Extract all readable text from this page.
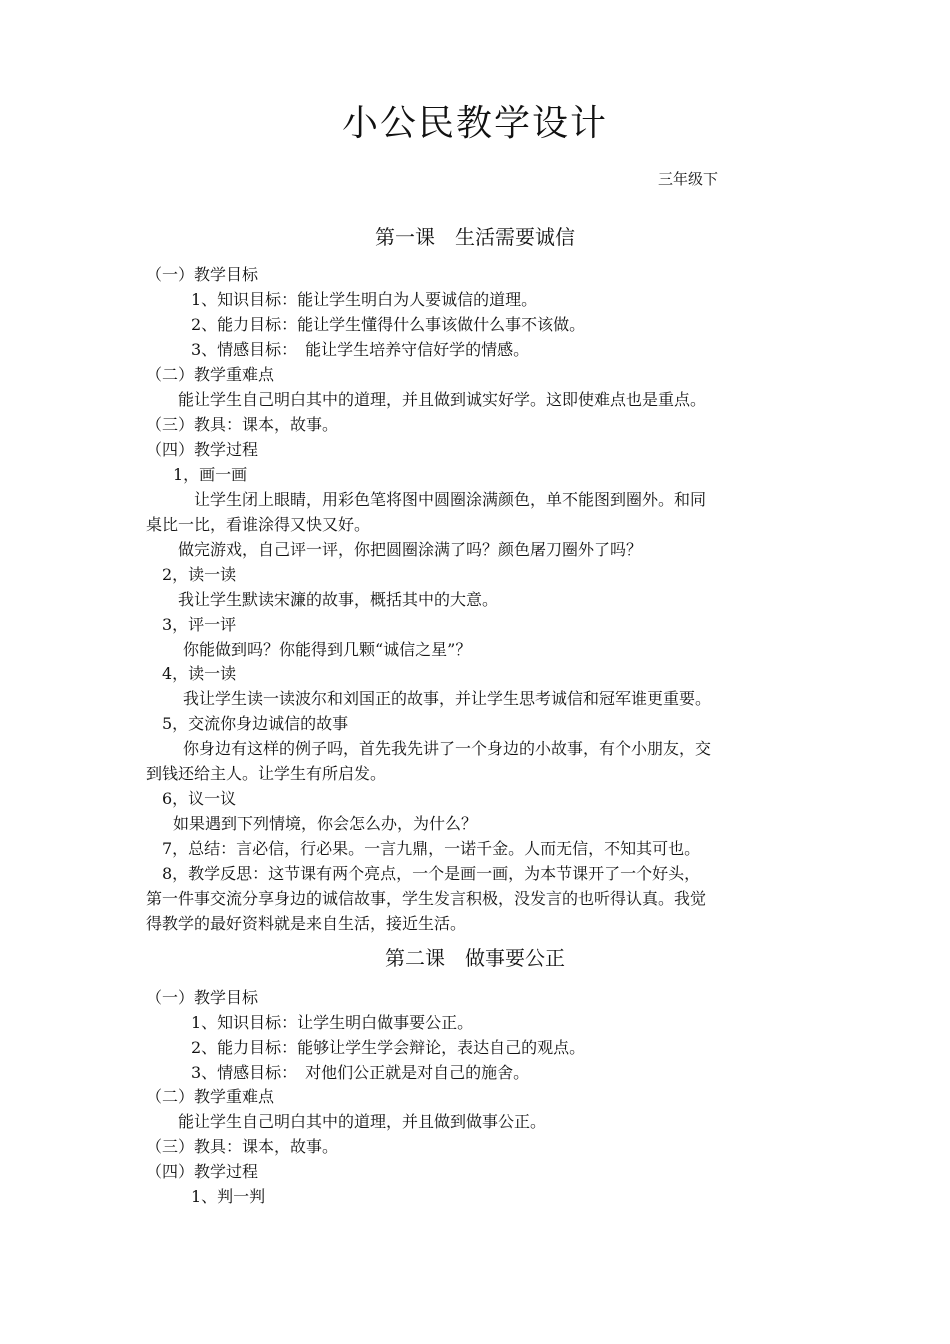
小公民教学设计
三年级下
第一课　生活需要诚信
（一）教学目标
1、知识目标：能让学生明白为人要诚信的道理。
2、能力目标：能让学生懂得什么事该做什么事不该做。
3、情感目标：　能让学生培养守信好学的情感。
（二）教学重难点
能让学生自己明白其中的道理，并且做到诚实好学。这即使难点也是重点。
（三）教具：课本，故事。
（四）教学过程
1，画一画
让学生闭上眼睛，用彩色笔将图中圆圈涂满颜色，单不能图到圈外。和同
桌比一比，看谁涂得又快又好。
做完游戏，自己评一评，你把圆圈涂满了吗？颜色屠刀圈外了吗？
2，读一读
我让学生默读宋濂的故事，概括其中的大意。
3，评一评
你能做到吗？你能得到几颗“诚信之星”？
4，读一读
我让学生读一读波尔和刘国正的故事，并让学生思考诚信和冠军谁更重要。
5，交流你身边诚信的故事
你身边有这样的例子吗，首先我先讲了一个身边的小故事，有个小朋友，交
到钱还给主人。让学生有所启发。
6，议一议
如果遇到下列情境，你会怎么办，为什么？
7，总结：言必信，行必果。一言九鼎，一诺千金。人而无信，不知其可也。
8，教学反思：这节课有两个亮点，一个是画一画，为本节课开了一个好头，
第一件事交流分享身边的诚信故事，学生发言积极，没发言的也听得认真。我觉
得教学的最好资料就是来自生活，接近生活。
第二课　做事要公正
（一）教学目标
1、知识目标：让学生明白做事要公正。
2、能力目标：能够让学生学会辩论，表达自己的观点。
3、情感目标：　对他们公正就是对自己的施舍。
（二）教学重难点
能让学生自己明白其中的道理，并且做到做事公正。
（三）教具：课本，故事。
（四）教学过程
1、判一判
